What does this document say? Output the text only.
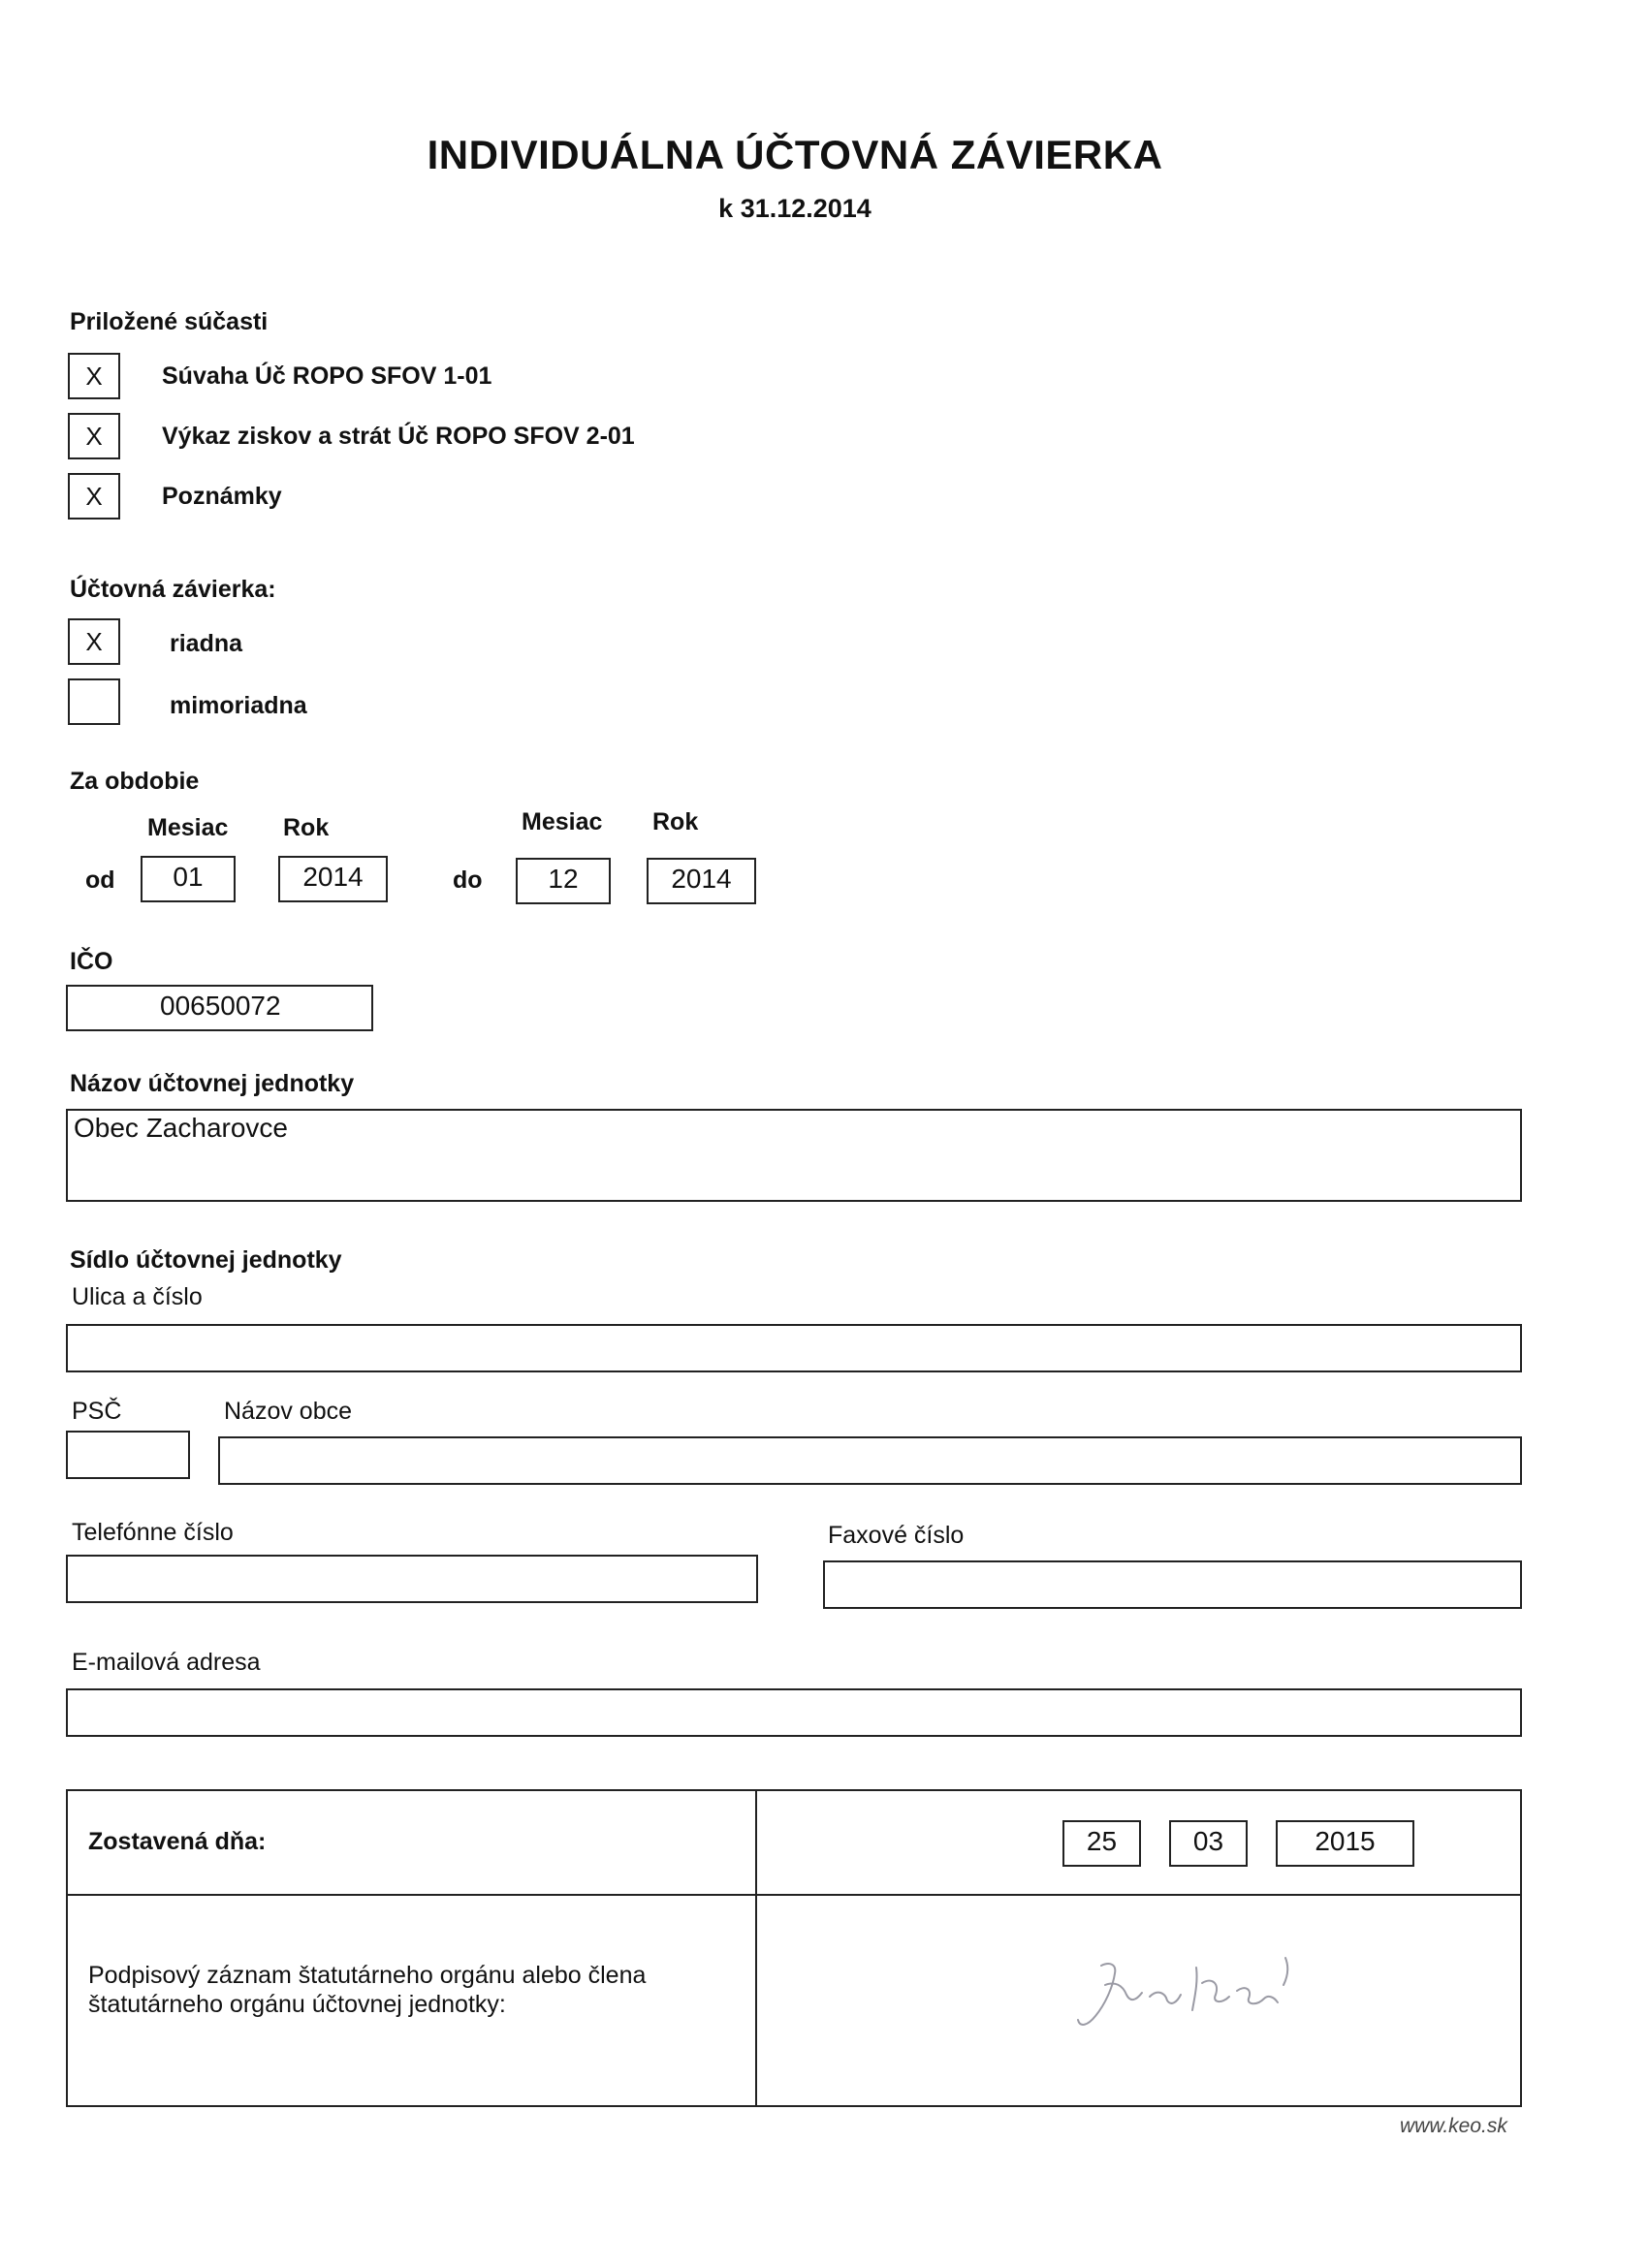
INDIVIDUÁLNA ÚČTOVNÁ ZÁVIERKA
k 31.12.2014
Priložené súčasti
X	Súvaha Úč ROPO SFOV 1-01
X	Výkaz ziskov a strát Úč ROPO SFOV 2-01
X	Poznámky
Účtovná závierka:
X	riadna
mimoriadna
Za obdobie
Mesiac Rok	Mesiac Rok
od	01	2014	do	12	2014
IČO
00650072
Názov účtovnej jednotky
Obec Zacharovce
Sídlo účtovnej jednotky
Ulica a číslo
PSČ	Názov obce
Telefónne číslo	Faxové číslo
E-mailová adresa
Zostavená dňa:	25	03	2015
Podpisový záznam štatutárneho orgánu alebo člena
štatutárneho orgánu účtovnej jednotky:
www.keo.sk
